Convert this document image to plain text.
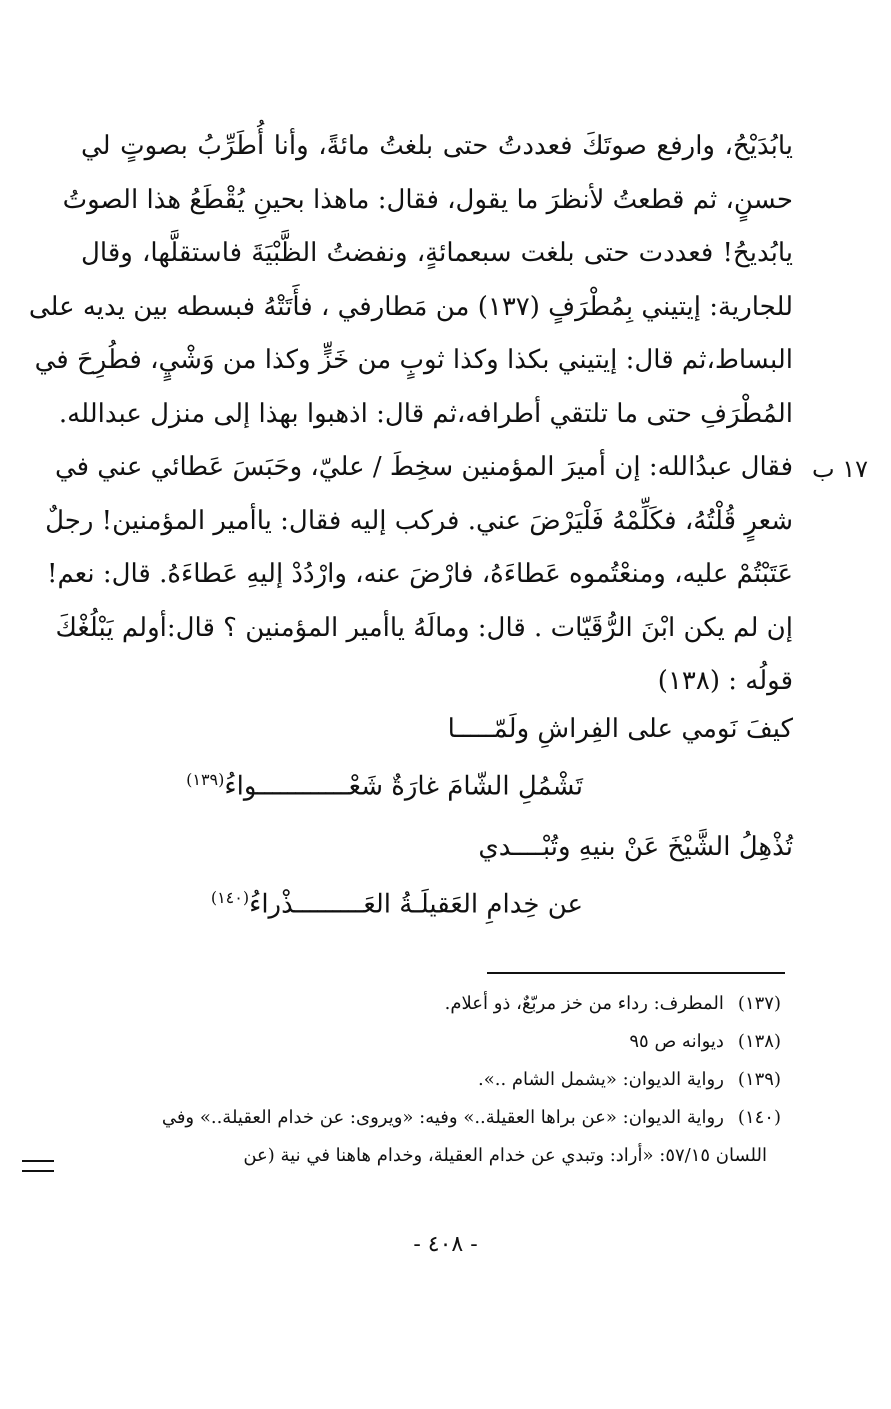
يابُدَيْحُ، وارفع صوتَكَ فعددتُ حتى بلغتُ مائةً، وأنا أُطَرِّبُ بصوتٍ لي
حسنٍ، ثم قطعتُ لأنظرَ ما يقول، فقال: ماهذا بحينِ يُقْطَعُ هذا الصوتُ
يابُديحُ! فعددت حتى بلغت سبعمائةٍ، ونفضتُ الظَّبْيَةَ فاستقلَّها، وقال
للجارية: إيتيني بِمُطْرَفٍ (١٣٧) من مَطارفي ، فأَتَتْهُ فبسطه بين يديه على
البساط،ثم قال: إيتيني بكذا وكذا ثوبٍ من خَزٍّ وكذا من وَشْيٍ، فطُرِحَ في
المُطْرَفِ حتى ما تلتقي أطرافه،ثم قال: اذهبوا بهذا إلى منزل عبدالله.
فقال عبدُالله: إن أميرَ المؤمنين سخِطَ / عليّ، وحَبَسَ عَطائي عني في
شعرٍ قُلْتُهُ، فكَلِّمْهُ فَلْيَرْضَ عني. فركب إليه فقال: ياأمير المؤمنين! رجلٌ
عَتَبْتُمْ عليه، ومنعْتُموه عَطاءَهُ، فارْضَ عنه، وارْدُدْ إليهِ عَطاءَهُ. قال: نعم!
إن لم يكن ابْنَ الرُّقَيّات . قال: ومالَهُ ياأمير المؤمنين ؟ قال:أولم يَبْلُغْكَ
قولُه : (١٣٨)
١٧ ب
كيفَ نَومي على الفِراشِ ولَمّـــــا
تَشْمُلِ الشّامَ غارَةٌ شَعْــــــــــــواءُ$^{(١٣٩)}$
تُذْهِلُ الشَّيْخَ عَنْ بنيهِ وتُبْــــدي
عن خِدامِ العَقيلَـةُ العَـــــــــذْراءُ$^{(١٤٠)}$
(١٣٧)المطرف: رداء من خز مربّعٌ، ذو أعلام.
(١٣٨)ديوانه ص ٩٥
(١٣٩)رواية الديوان: «يشمل الشام ..».
(١٤٠)رواية الديوان: «عن براها العقيلة..» وفيه: «ويروى: عن خدام العقيلة..» وفي
اللسان ٥٧/١٥: «أراد: وتبدي عن خدام العقيلة، وخدام هاهنا في نية (عن
- ٤٠٨ -
